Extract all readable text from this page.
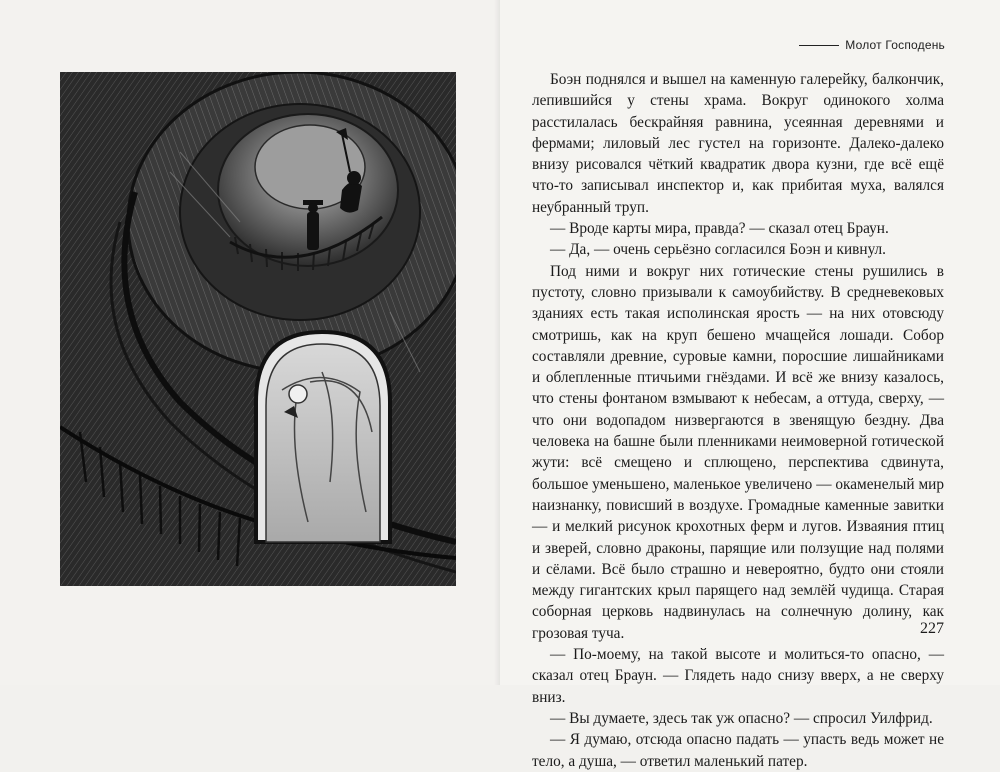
Молот Господень

Боэн поднялся и вышел на каменную галерейку, балкончик, лепившийся у стены храма. Вокруг одинокого холма расстилалась бескрайняя равнина, усеянная деревнями и фермами; лиловый лес густел на горизонте. Далеко-далеко внизу рисовался чёткий квадратик двора кузни, где всё ещё что-то записывал инспектор и, как прибитая муха, валялся неубранный труп.

— Вроде карты мира, правда? — сказал отец Браун.

— Да, — очень серьёзно согласился Боэн и кивнул.

Под ними и вокруг них готические стены рушились в пустоту, словно призывали к самоубийству. В средневековых зданиях есть такая исполинская ярость — на них отовсюду смотришь, как на круп бешено мчащейся лошади. Собор составляли древние, суровые камни, поросшие лишайниками и облепленные птичьими гнёздами. И всё же внизу казалось, что стены фонтаном взмывают к небесам, а оттуда, сверху, — что они водопадом низвергаются в звенящую бездну. Два человека на башне были пленниками неимоверной готической жути: всё смещено и сплющено, перспектива сдвинута, большое уменьшено, маленькое увеличено — окаменелый мир наизнанку, повисший в воздухе. Громадные каменные завитки — и мелкий рисунок крохотных ферм и лугов. Изваяния птиц и зверей, словно драконы, парящие или ползущие над полями и сёлами. Всё было страшно и невероятно, будто они стояли между гигантских крыл парящего над землёй чудища. Старая соборная церковь надвинулась на солнечную долину, как грозовая туча.

— По-моему, на такой высоте и молиться-то опасно, — сказал отец Браун. — Глядеть надо снизу вверх, а не сверху вниз.

— Вы думаете, здесь так уж опасно? — спросил Уилфрид.

— Я думаю, отсюда опасно падать — упасть ведь может не тело, а душа, — ответил маленький патер.

227
